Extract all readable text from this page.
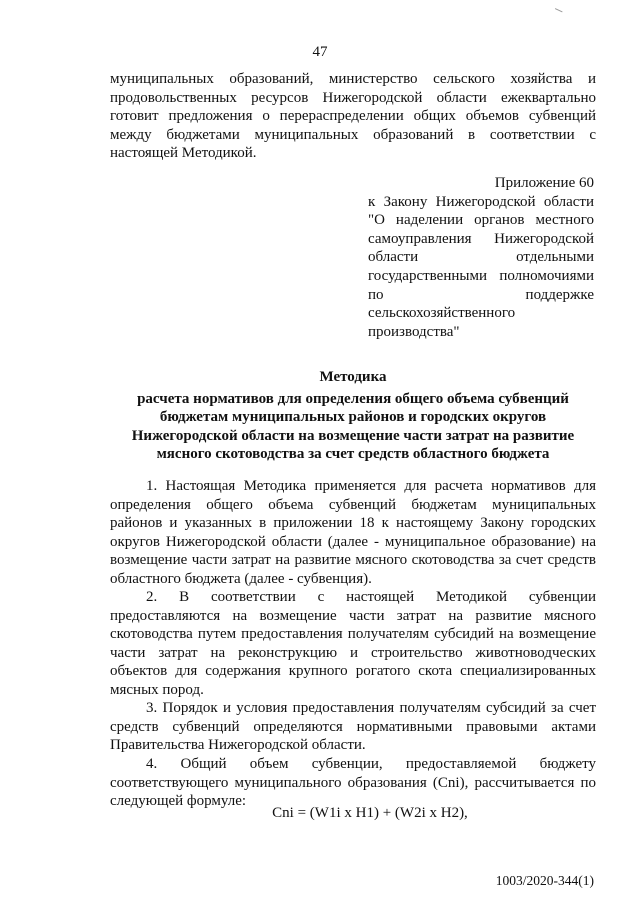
47
муниципальных образований, министерство сельского хозяйства и
продовольственных ресурсов Нижегородской области ежеквартально
готовит предложения о перераспределении общих объемов субвенций
между бюджетами муниципальных образований в соответствии с
настоящей Методикой.
Приложение 60
к Закону Нижегородской области
"О наделении органов местного
самоуправления Нижегородской
области отдельными
государственными полномочиями
по поддержке
сельскохозяйственного
производства"
Методика
расчета нормативов для определения общего объема субвенций
бюджетам муниципальных районов и городских округов
Нижегородской области на возмещение части затрат на развитие
мясного скотоводства за счет средств областного бюджета
1. Настоящая Методика применяется для расчета нормативов для
определения общего объема субвенций бюджетам муниципальных
районов и указанных в приложении 18 к настоящему Закону городских
округов Нижегородской области (далее - муниципальное образование) на
возмещение части затрат на развитие мясного скотоводства за счет средств
областного бюджета (далее - субвенция).
2. В соответствии с настоящей Методикой субвенции
предоставляются на возмещение части затрат на развитие мясного
скотоводства путем предоставления получателям субсидий на возмещение
части затрат на реконструкцию и строительство животноводческих
объектов для содержания крупного рогатого скота специализированных
мясных пород.
3. Порядок и условия предоставления получателям субсидий за счет
средств субвенций определяются нормативными правовыми актами
Правительства Нижегородской области.
4. Общий объем субвенции, предоставляемой бюджету
соответствующего муниципального образования (Cni), рассчитывается по
следующей формуле:
Cni = (W1i x H1) + (W2i x H2),
1003/2020-344(1)
